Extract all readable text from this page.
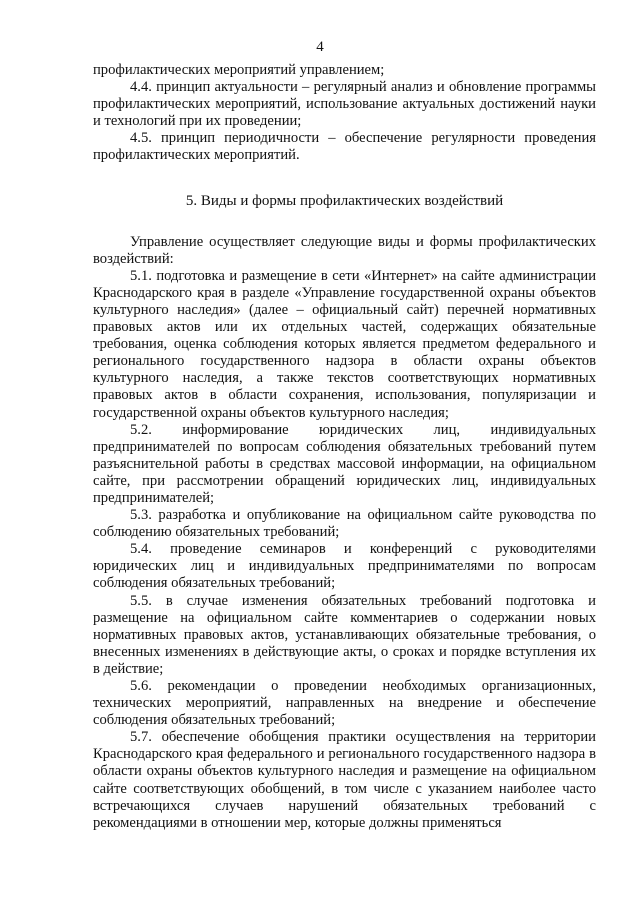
4

профилактических мероприятий управлением;

4.4. принцип актуальности – регулярный анализ и обновление программы профилактических мероприятий, использование актуальных достижений науки и технологий при их проведении;

4.5. принцип периодичности – обеспечение регулярности проведения профилактических мероприятий.

5. Виды и формы профилактических воздействий

Управление осуществляет следующие виды и формы профилактических воздействий:

5.1. подготовка и размещение в сети «Интернет» на сайте администрации Краснодарского края в разделе «Управление государственной охраны объектов культурного наследия» (далее – официальный сайт) перечней нормативных правовых актов или их отдельных частей, содержащих обязательные требования, оценка соблюдения которых является предметом федерального и регионального государственного надзора в области охраны объектов культурного наследия, а также текстов соответствующих нормативных правовых актов в области сохранения, использования, популяризации и государственной охраны объектов культурного наследия;

5.2. информирование юридических лиц, индивидуальных предпринимателей по вопросам соблюдения обязательных требований путем разъяснительной работы в средствах массовой информации, на официальном сайте, при рассмотрении обращений юридических лиц, индивидуальных предпринимателей;

5.3. разработка и опубликование на официальном сайте руководства по соблюдению обязательных требований;

5.4. проведение семинаров и конференций с руководителями юридических лиц и индивидуальных предпринимателями по вопросам соблюдения обязательных требований;

5.5. в случае изменения обязательных требований подготовка и размещение на официальном сайте комментариев о содержании новых нормативных правовых актов, устанавливающих обязательные требования, о внесенных изменениях в действующие акты, о сроках и порядке вступления их в действие;

5.6. рекомендации о проведении необходимых организационных, технических мероприятий, направленных на внедрение и обеспечение соблюдения обязательных требований;

5.7. обеспечение обобщения практики осуществления на территории Краснодарского края федерального и регионального государственного надзора в области охраны объектов культурного наследия и размещение на официальном сайте соответствующих обобщений, в том числе с указанием наиболее часто встречающихся случаев нарушений обязательных требований с рекомендациями в отношении мер, которые должны применяться
